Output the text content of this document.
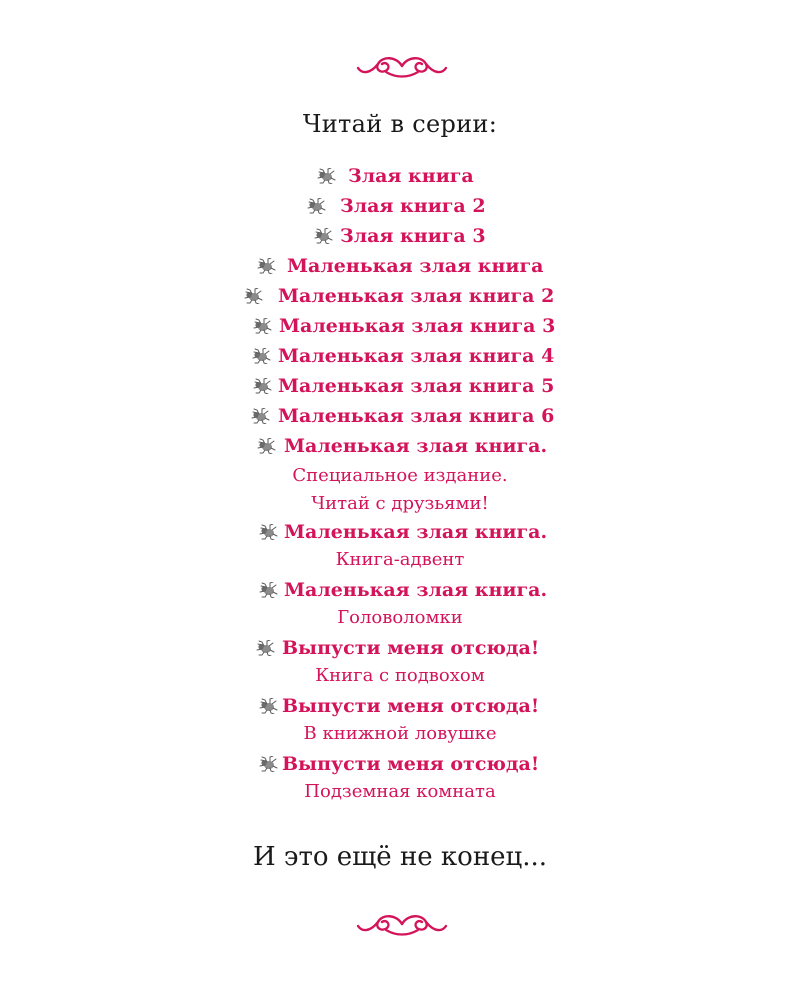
Читай в серии:
Злая книга
Злая книга 2
Злая книга 3
Маленькая злая книга
Маленькая злая книга 2
Маленькая злая книга 3
Маленькая злая книга 4
Маленькая злая книга 5
Маленькая злая книга 6
Маленькая злая книга.
Специальное издание.
Читай с друзьями!
Маленькая злая книга.
Книга-адвент
Маленькая злая книга.
Головоломки
Выпусти меня отсюда!
Книга с подвохом
Выпусти меня отсюда!
В книжной ловушке
Выпусти меня отсюда!
Подземная комната
И это ещё не конец...
